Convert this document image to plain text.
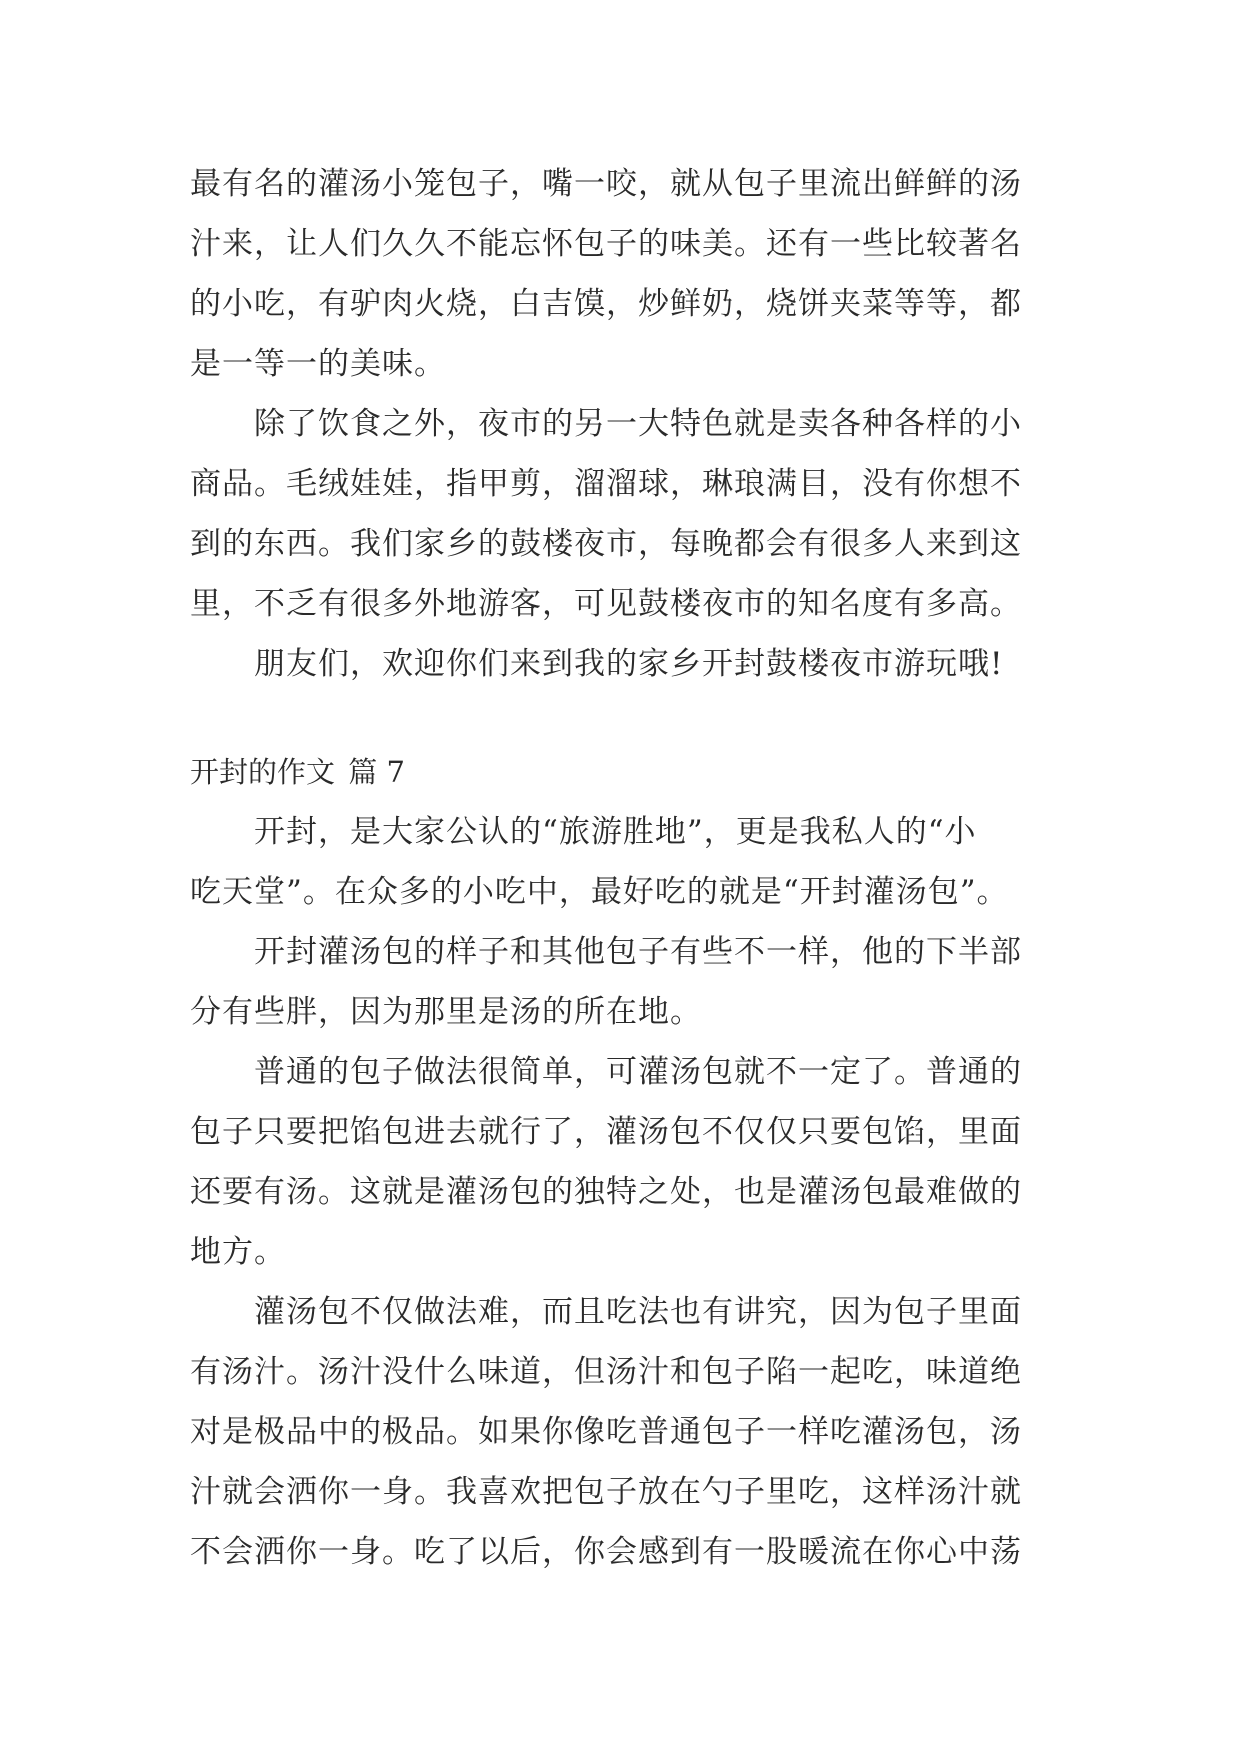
最有名的灌汤小笼包子，嘴一咬，就从包子里流出鲜鲜的汤
汁来，让人们久久不能忘怀包子的味美。还有一些比较著名
的小吃，有驴肉火烧，白吉馍，炒鲜奶，烧饼夹菜等等，都
是一等一的美味。
除了饮食之外，夜市的另一大特色就是卖各种各样的小
商品。毛绒娃娃，指甲剪，溜溜球，琳琅满目，没有你想不
到的东西。我们家乡的鼓楼夜市，每晚都会有很多人来到这
里，不乏有很多外地游客，可见鼓楼夜市的知名度有多高。
朋友们，欢迎你们来到我的家乡开封鼓楼夜市游玩哦!
开封的作文 篇 7
开封，是大家公认的“旅游胜地”，更是我私人的“小
吃天堂”。在众多的小吃中，最好吃的就是“开封灌汤包”。
开封灌汤包的样子和其他包子有些不一样，他的下半部
分有些胖，因为那里是汤的所在地。
普通的包子做法很简单，可灌汤包就不一定了。普通的
包子只要把馅包进去就行了，灌汤包不仅仅只要包馅，里面
还要有汤。这就是灌汤包的独特之处，也是灌汤包最难做的
地方。
灌汤包不仅做法难，而且吃法也有讲究，因为包子里面
有汤汁。汤汁没什么味道，但汤汁和包子陷一起吃，味道绝
对是极品中的极品。如果你像吃普通包子一样吃灌汤包，汤
汁就会洒你一身。我喜欢把包子放在勺子里吃，这样汤汁就
不会洒你一身。吃了以后，你会感到有一股暖流在你心中荡
